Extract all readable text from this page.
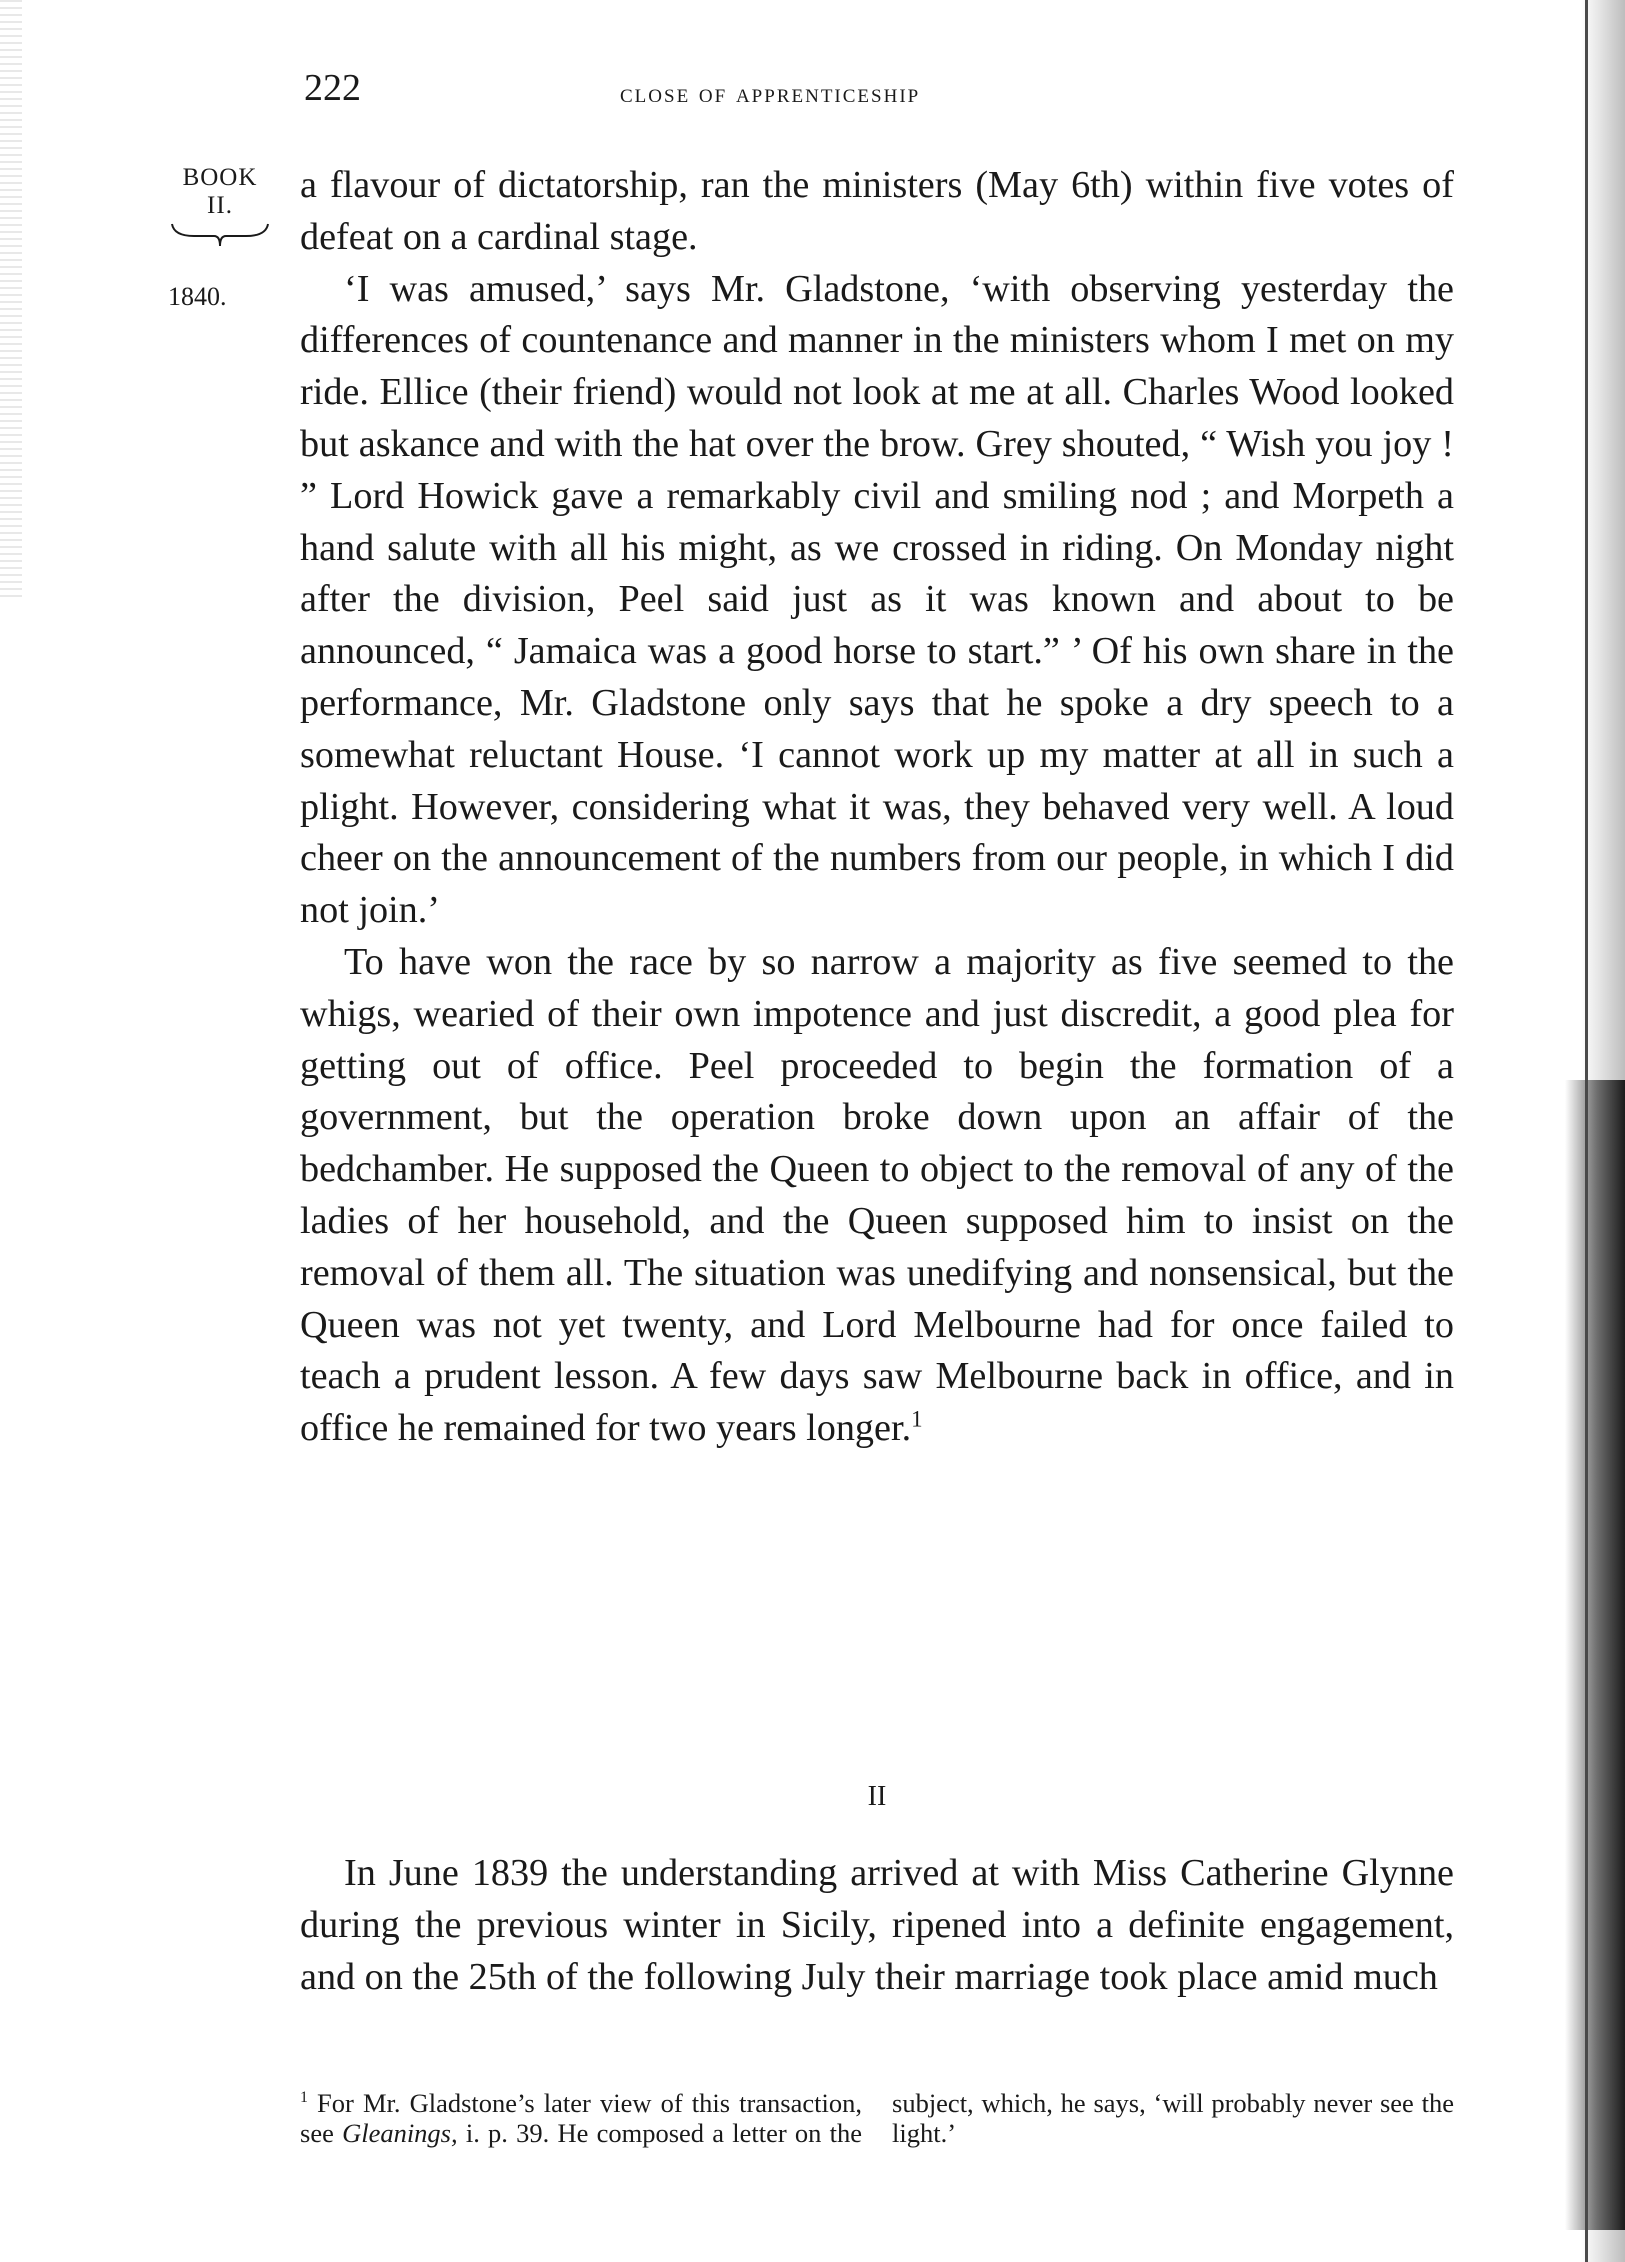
222	close of apprenticeship
BOOK
II.
1840.

a flavour of dictatorship, ran the ministers (May 6th) within five votes of defeat on a cardinal stage.

‘I was amused,’ says Mr. Gladstone, ‘with observing yesterday the differences of countenance and manner in the ministers whom I met on my ride. Ellice (their friend) would not look at me at all. Charles Wood looked but askance and with the hat over the brow. Grey shouted, “ Wish you joy ! ” Lord Howick gave a remarkably civil and smiling nod ; and Morpeth a hand salute with all his might, as we crossed in riding. On Monday night after the division, Peel said just as it was known and about to be announced, “ Jamaica was a good horse to start.” ’ Of his own share in the performance, Mr. Gladstone only says that he spoke a dry speech to a somewhat reluctant House. ‘I cannot work up my matter at all in such a plight. However, considering what it was, they behaved very well. A loud cheer on the announcement of the numbers from our people, in which I did not join.’

To have won the race by so narrow a majority as five seemed to the whigs, wearied of their own impotence and just discredit, a good plea for getting out of office. Peel proceeded to begin the formation of a government, but the operation broke down upon an affair of the bedchamber. He supposed the Queen to object to the removal of any of the ladies of her household, and the Queen supposed him to insist on the removal of them all. The situation was unedifying and nonsensical, but the Queen was not yet twenty, and Lord Melbourne had for once failed to teach a prudent lesson. A few days saw Melbourne back in office, and in office he remained for two years longer.$^1$

II
In June 1839 the understanding arrived at with Miss Catherine Glynne during the previous winter in Sicily, ripened into a definite engagement, and on the 25th of the following July their marriage took place amid much
$^1$ For Mr. Gladstone’s later view of this transaction, see Gleanings, i. p. 39. He composed a letter on the subject, which, he says, ‘will probably never see the light.’
